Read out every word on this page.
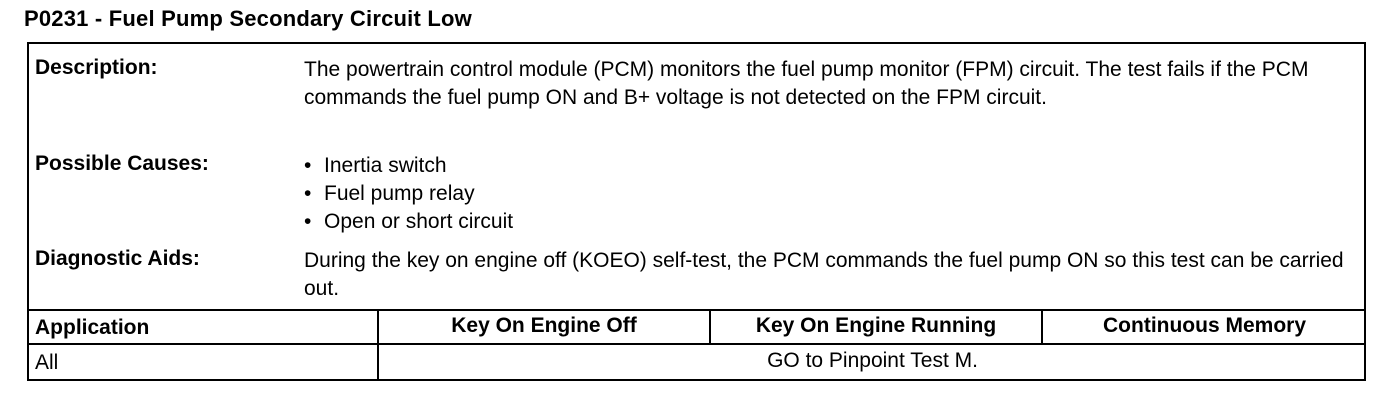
P0231 - Fuel Pump Secondary Circuit Low
Description:	The powertrain control module (PCM) monitors the fuel pump monitor (FPM) circuit. The test fails if the PCM commands the fuel pump ON and B+ voltage is not detected on the FPM circuit.
Possible Causes:	• Inertia switch
• Fuel pump relay
• Open or short circuit
Diagnostic Aids:	During the key on engine off (KOEO) self-test, the PCM commands the fuel pump ON so this test can be carried out.
Application	Key On Engine Off	Key On Engine Running	Continuous Memory
All	GO to Pinpoint Test M.
